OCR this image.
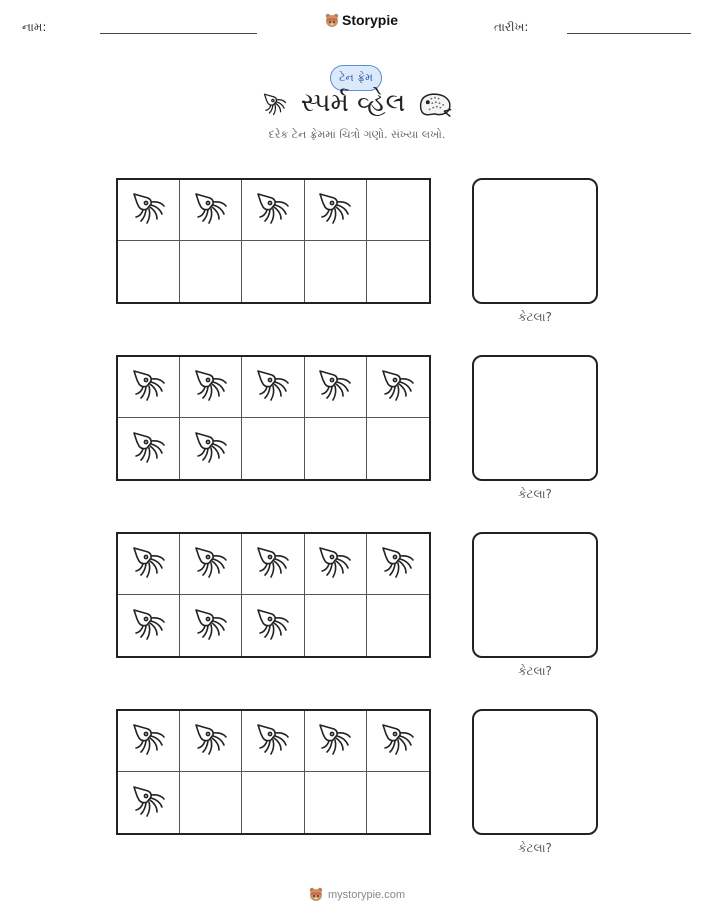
નામ:	Storypie	તારીખ:
ટેન ફ્રેમ
સ્પર્મ વ્હેલ
દરેક ટેન ફ્રેમમાં ચિત્રો ગણો. સંખ્યા લખો.
કેટલા?
કેટલા?
કેટલા?
કેટલા?
mystorypie.com
